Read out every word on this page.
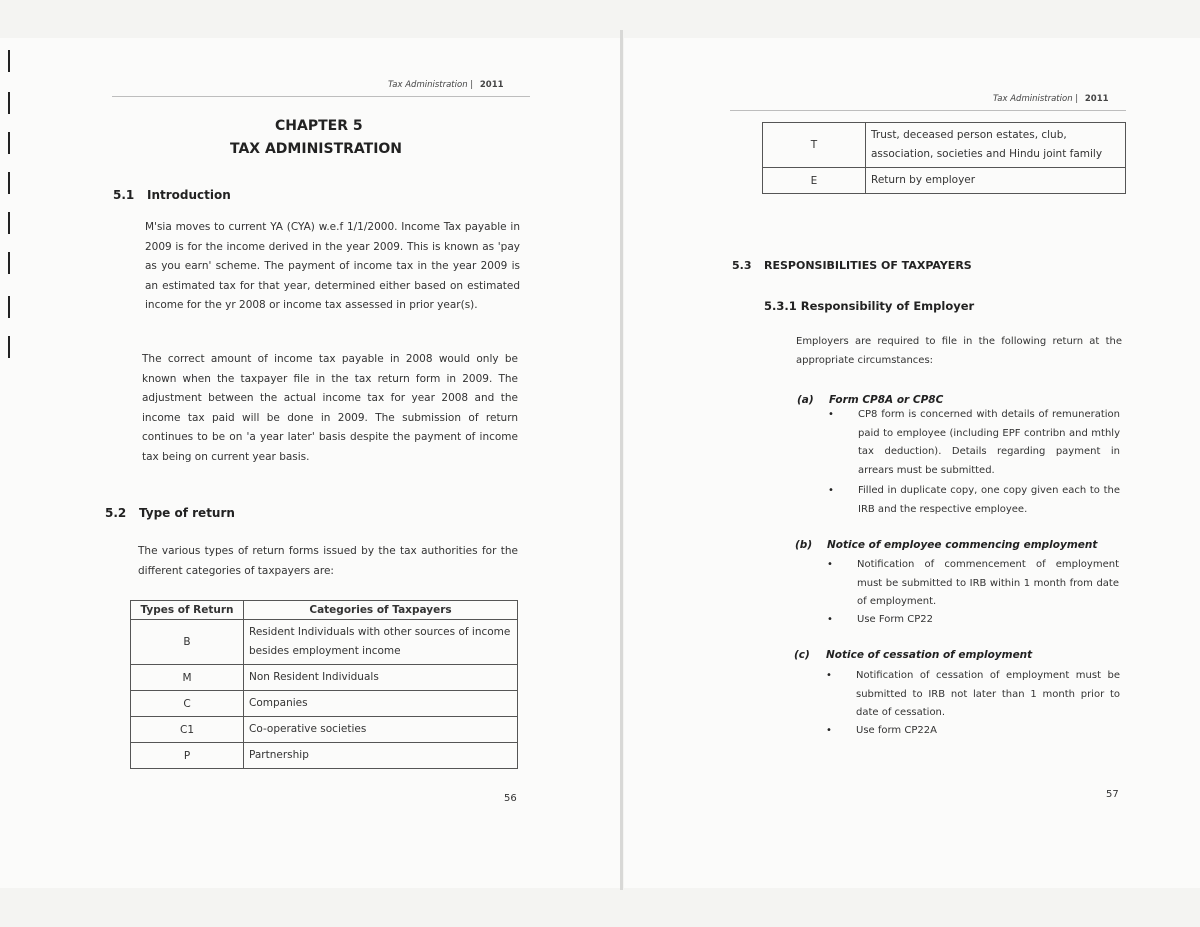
Tax Administration | 2011
CHAPTER 5
TAX ADMINISTRATION
5.1 Introduction
M'sia moves to current YA (CYA) w.e.f 1/1/2000. Income Tax payable in 2009 is for the income derived in the year 2009. This is known as 'pay as you earn' scheme. The payment of income tax in the year 2009 is an estimated tax for that year, determined either based on estimated income for the yr 2008 or income tax assessed in prior year(s).
The correct amount of income tax payable in 2008 would only be known when the taxpayer file in the tax return form in 2009. The adjustment between the actual income tax for year 2008 and the income tax paid will be done in 2009. The submission of return continues to be on 'a year later' basis despite the payment of income tax being on current year basis.
5.2 Type of return
The various types of return forms issued by the tax authorities for the different categories of taxpayers are:
Types of Return	Categories of Taxpayers
B	Resident Individuals with other sources of income besides employment income
M	Non Resident Individuals
C	Companies
C1	Co-operative societies
P	Partnership
56
Tax Administration | 2011
T	Trust, deceased person estates, club, association, societies and Hindu joint family
E	Return by employer
5.3 RESPONSIBILITIES OF TAXPAYERS
5.3.1 Responsibility of Employer
Employers are required to file in the following return at the appropriate circumstances:
(a) Form CP8A or CP8C
• CP8 form is concerned with details of remuneration paid to employee (including EPF contribn and mthly tax deduction). Details regarding payment in arrears must be submitted.
• Filled in duplicate copy, one copy given each to the IRB and the respective employee.
(b) Notice of employee commencing employment
• Notification of commencement of employment must be submitted to IRB within 1 month from date of employment.
• Use Form CP22
(c) Notice of cessation of employment
• Notification of cessation of employment must be submitted to IRB not later than 1 month prior to date of cessation.
• Use form CP22A
57
